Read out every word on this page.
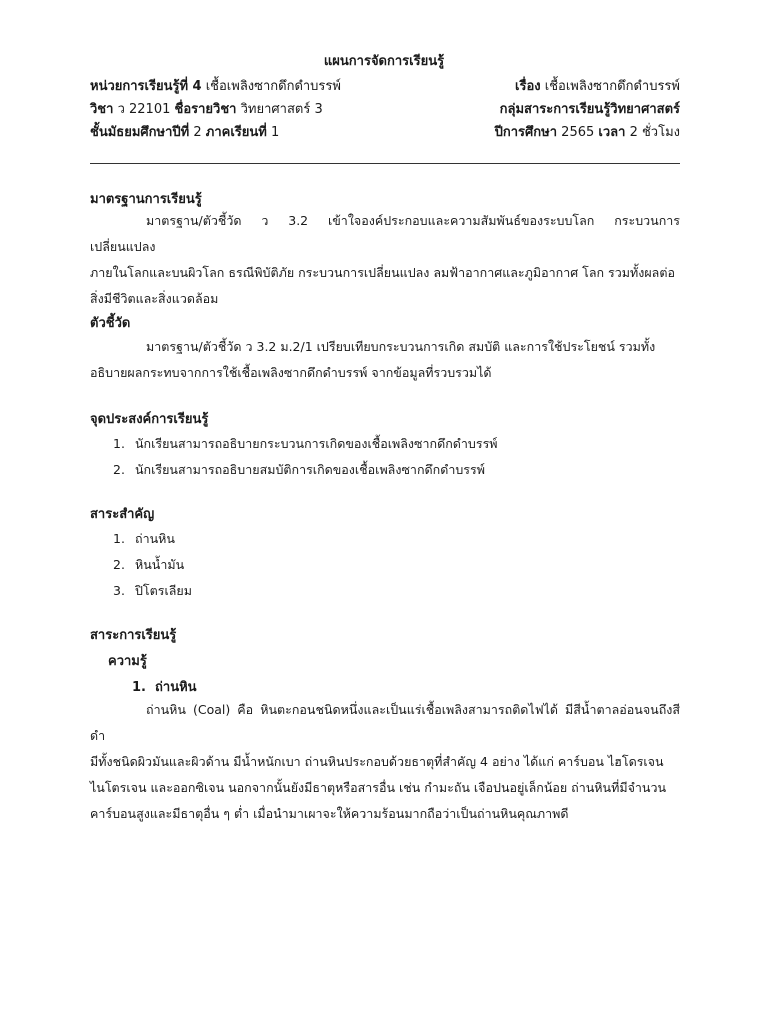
แผนการจัดการเรียนรู้
หน่วยการเรียนรู้ที่ 4 เชื้อเพลิงซากดึกดำบรรพ์	เรื่อง เชื้อเพลิงซากดึกดำบรรพ์
วิชา ว 22101 ชื่อรายวิชา วิทยาศาสตร์ 3	กลุ่มสาระการเรียนรู้วิทยาศาสตร์
ชั้นมัธยมศึกษาปีที่ 2 ภาคเรียนที่ 1	ปีการศึกษา 2565 เวลา 2 ชั่วโมง
มาตรฐานการเรียนรู้
มาตรฐาน/ตัวชี้วัด ว 3.2 เข้าใจองค์ประกอบและความสัมพันธ์ของระบบโลก กระบวนการ เปลี่ยนแปลง
ภายในโลกและบนผิวโลก ธรณีพิบัติภัย กระบวนการเปลี่ยนแปลง ลมฟ้าอากาศและภูมิอากาศ โลก รวมทั้งผลต่อ
สิ่งมีชีวิตและสิ่งแวดล้อม
ตัวชี้วัด
มาตรฐาน/ตัวชี้วัด ว 3.2 ม.2/1 เปรียบเทียบกระบวนการเกิด สมบัติ และการใช้ประโยชน์ รวมทั้ง
อธิบายผลกระทบจากการใช้เชื้อเพลิงซากดึกดำบรรพ์ จากข้อมูลที่รวบรวมได้
จุดประสงค์การเรียนรู้
1. นักเรียนสามารถอธิบายกระบวนการเกิดของเชื้อเพลิงซากดึกดำบรรพ์
2. นักเรียนสามารถอธิบายสมบัติการเกิดของเชื้อเพลิงซากดึกดำบรรพ์
สาระสำคัญ
1. ถ่านหิน
2. หินน้ำมัน
3. ปิโตรเลียม
สาระการเรียนรู้
ความรู้
1.  ถ่านหิน
ถ่านหิน (Coal) คือ หินตะกอนชนิดหนึ่งและเป็นแร่เชื้อเพลิงสามารถติดไฟได้ มีสีน้ำตาลอ่อนจนถึงสี ดำ
มีทั้งชนิดผิวมันและผิวด้าน มีน้ำหนักเบา ถ่านหินประกอบด้วยธาตุที่สำคัญ 4 อย่าง ได้แก่ คาร์บอน ไฮโดรเจน
ไนโตรเจน และออกซิเจน นอกจากนั้นยังมีธาตุหรือสารอื่น เช่น กำมะถัน เจือปนอยู่เล็กน้อย ถ่านหินที่มีจำนวน
คาร์บอนสูงและมีธาตุอื่น ๆ ต่ำ เมื่อนำมาเผาจะให้ความร้อนมากถือว่าเป็นถ่านหินคุณภาพดี
